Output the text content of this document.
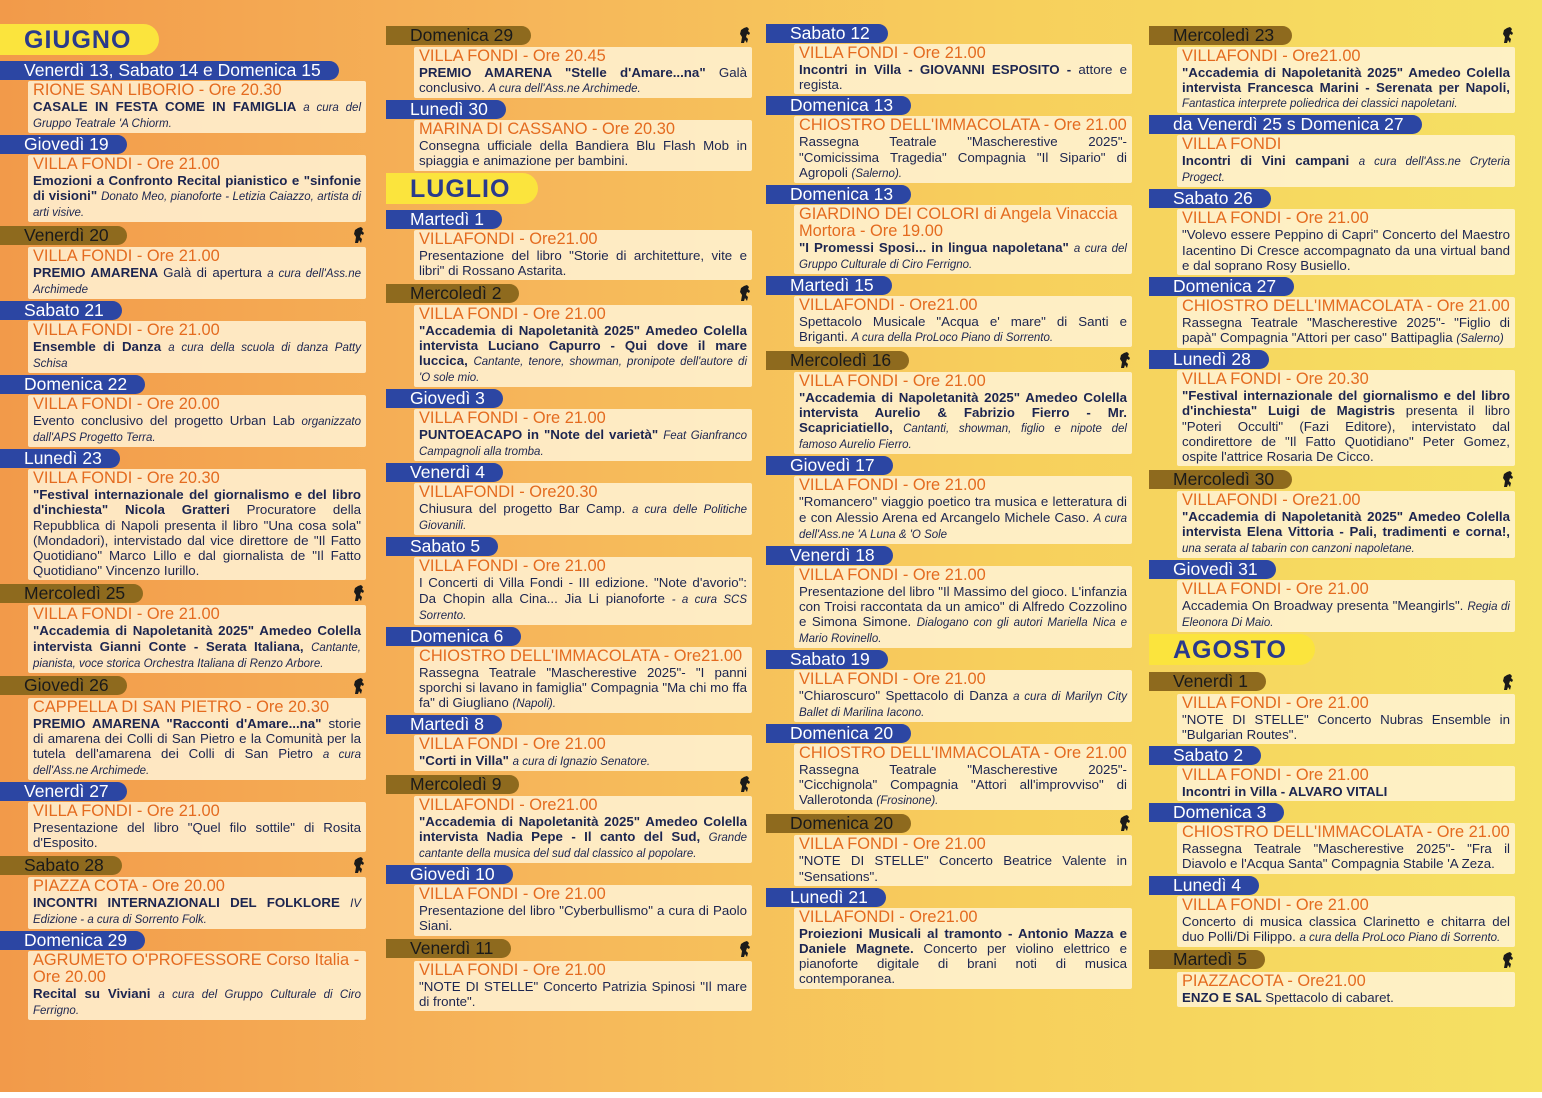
GIUGNO
Venerdì 13, Sabato 14 e Domenica 15
RIONE SAN LIBORIO - Ore 20.30
CASALE IN FESTA COME IN FAMIGLIA a cura del Gruppo Teatrale 'A Chiorm.
Giovedì 19
VILLA FONDI - Ore 21.00
Emozioni a Confronto Recital pianistico e "sinfonie di visioni" Donato Meo, pianoforte - Letizia Caiazzo, artista di arti visive.
Venerdì 20
VILLA FONDI - Ore 21.00
PREMIO AMARENA Galà di apertura a cura dell'Ass.ne Archimede
Sabato 21
VILLA FONDI - Ore 21.00
Ensemble di Danza a cura della scuola di danza Patty Schisa
Domenica 22
VILLA FONDI - Ore 20.00
Evento conclusivo del progetto Urban Lab organizzato dall'APS Progetto Terra.
Lunedì 23
VILLA FONDI - Ore 20.30
"Festival internazionale del giornalismo e del libro d'inchiesta" Nicola Gratteri Procuratore della Repubblica di Napoli presenta il libro "Una cosa sola" (Mondadori), intervistado dal vice direttore de "Il Fatto Quotidiano" Marco Lillo e dal giornalista de "Il Fatto Quotidiano" Vincenzo Iurillo.
Mercoledì 25
VILLA FONDI - Ore 21.00
"Accademia di Napoletanità 2025" Amedeo Colella intervista Gianni Conte - Serata Italiana, Cantante, pianista, voce storica Orchestra Italiana di Renzo Arbore.
Giovedì 26
CAPPELLA DI SAN PIETRO - Ore 20.30
PREMIO AMARENA "Racconti d'Amare...na" storie di amarena dei Colli di San Pietro e la Comunità per la tutela dell'amarena dei Colli di San Pietro a cura dell'Ass.ne Archimede.
Venerdì 27
VILLA FONDI - Ore 21.00
Presentazione del libro "Quel filo sottile" di Rosita d'Esposito.
Sabato 28
PIAZZA COTA - Ore 20.00
INCONTRI INTERNAZIONALI DEL FOLKLORE IV Edizione - a cura di Sorrento Folk.
Domenica 29
AGRUMETO O'PROFESSORE Corso Italia - Ore 20.00
Recital su Viviani a cura del Gruppo Culturale di Ciro Ferrigno.
Domenica 29
VILLA FONDI - Ore 20.45
PREMIO AMARENA "Stelle d'Amare...na" Galà conclusivo. A cura dell'Ass.ne Archimede.
Lunedì 30
MARINA DI CASSANO - Ore 20.30
Consegna ufficiale della Bandiera Blu Flash Mob in spiaggia e animazione per bambini.
LUGLIO
Martedì 1
VILLAFONDI - Ore21.00
Presentazione del libro "Storie di architetture, vite e libri" di Rossano Astarita.
Mercoledì 2
VILLA FONDI - Ore 21.00
"Accademia di Napoletanità 2025" Amedeo Colella intervista Luciano Capurro - Qui dove il mare luccica, Cantante, tenore, showman, pronipote dell'autore di 'O sole mio.
Giovedì 3
VILLA FONDI - Ore 21.00
PUNTOEACAPO in "Note del varietà" Feat Gianfranco Campagnoli alla tromba.
Venerdì 4
VILLAFONDI - Ore20.30
Chiusura del progetto Bar Camp. a cura delle Politiche Giovanili.
Sabato 5
VILLA FONDI - Ore 21.00
I Concerti di Villa Fondi - III edizione. "Note d'avorio": Da Chopin alla Cina... Jia Li pianoforte - a cura SCS Sorrento.
Domenica 6
CHIOSTRO DELL'IMMACOLATA - Ore21.00
Rassegna Teatrale "Mascherestive 2025"- "I panni sporchi si lavano in famiglia" Compagnia "Ma chi mo ffa fa" di Giugliano (Napoli).
Martedì 8
VILLA FONDI - Ore 21.00
"Corti in Villa" a cura di Ignazio Senatore.
Mercoledì 9
VILLAFONDI - Ore21.00
"Accademia di Napoletanità 2025" Amedeo Colella intervista Nadia Pepe - Il canto del Sud, Grande cantante della musica del sud dal classico al popolare.
Giovedì 10
VILLA FONDI - Ore 21.00
Presentazione del libro "Cyberbullismo" a cura di Paolo Siani.
Venerdì 11
VILLA FONDI - Ore 21.00
"NOTE DI STELLE" Concerto Patrizia Spinosi "Il mare di fronte".
Sabato 12
VILLA FONDI - Ore 21.00
Incontri in Villa - GIOVANNI ESPOSITO - attore e regista.
Domenica 13
CHIOSTRO DELL'IMMACOLATA - Ore 21.00
Rassegna Teatrale "Mascherestive 2025"- "Comicissima Tragedia" Compagnia "Il Sipario" di Agropoli (Salerno).
Domenica 13
GIARDINO DEI COLORI di Angela Vinaccia Mortora - Ore 19.00
"I Promessi Sposi... in lingua napoletana" a cura del Gruppo Culturale di Ciro Ferrigno.
Martedì 15
VILLAFONDI - Ore21.00
Spettacolo Musicale "Acqua e' mare" di Santi e Briganti. A cura della ProLoco Piano di Sorrento.
Mercoledì 16
VILLA FONDI - Ore 21.00
"Accademia di Napoletanità 2025" Amedeo Colella intervista Aurelio & Fabrizio Fierro - Mr. Scapriciatiello, Cantanti, showman, figlio e nipote del famoso Aurelio Fierro.
Giovedì 17
VILLA FONDI - Ore 21.00
"Romancero" viaggio poetico tra musica e letteratura di e con Alessio Arena ed Arcangelo Michele Caso. A cura dell'Ass.ne 'A Luna & 'O Sole
Venerdì 18
VILLA FONDI - Ore 21.00
Presentazione del libro "Il Massimo del gioco. L'infanzia con Troisi raccontata da un amico" di Alfredo Cozzolino e Simona Simone. Dialogano con gli autori Mariella Nica e Mario Rovinello.
Sabato 19
VILLA FONDI - Ore 21.00
"Chiaroscuro" Spettacolo di Danza a cura di Marilyn City Ballet di Marilina Iacono.
Domenica 20
CHIOSTRO DELL'IMMACOLATA - Ore 21.00
Rassegna Teatrale "Mascherestive 2025"- "Cicchignola" Compagnia "Attori all'improvviso" di Vallerotonda (Frosinone).
Domenica 20
VILLA FONDI - Ore 21.00
"NOTE DI STELLE" Concerto Beatrice Valente in "Sensations".
Lunedì 21
VILLAFONDI - Ore21.00
Proiezioni Musicali al tramonto - Antonio Mazza e Daniele Magnete. Concerto per violino elettrico e pianoforte digitale di brani noti di musica contemporanea.
Mercoledì 23
VILLAFONDI - Ore21.00
"Accademia di Napoletanità 2025" Amedeo Colella intervista Francesca Marini - Serenata per Napoli, Fantastica interprete poliedrica dei classici napoletani.
da Venerdì 25 s Domenica 27
VILLA FONDI
Incontri di Vini campani a cura dell'Ass.ne Cryteria Progect.
Sabato 26
VILLA FONDI - Ore 21.00
"Volevo essere Peppino di Capri" Concerto del Maestro Iacentino Di Cresce accompagnato da una virtual band e dal soprano Rosy Busiello.
Domenica 27
CHIOSTRO DELL'IMMACOLATA - Ore 21.00
Rassegna Teatrale "Mascherestive 2025"- "Figlio di papà" Compagnia "Attori per caso" Battipaglia (Salerno)
Lunedì 28
VILLA FONDI - Ore 20.30
"Festival internazionale del giornalismo e del libro d'inchiesta" Luigi de Magistris presenta il libro "Poteri Occulti" (Fazi Editore), intervistato dal condirettore de "Il Fatto Quotidiano" Peter Gomez, ospite l'attrice Rosaria De Cicco.
Mercoledì 30
VILLAFONDI - Ore21.00
"Accademia di Napoletanità 2025" Amedeo Colella intervista Elena Vittoria - Pali, tradimenti e corna!, una serata al tabarin con canzoni napoletane.
Giovedì 31
VILLA FONDI - Ore 21.00
Accademia On Broadway presenta "Meangirls". Regia di Eleonora Di Maio.
AGOSTO
Venerdì 1
VILLA FONDI - Ore 21.00
"NOTE DI STELLE" Concerto Nubras Ensemble in "Bulgarian Routes".
Sabato 2
VILLA FONDI - Ore 21.00
Incontri in Villa - ALVARO VITALI
Domenica 3
CHIOSTRO DELL'IMMACOLATA - Ore 21.00
Rassegna Teatrale "Mascherestive 2025"- "Fra il Diavolo e l'Acqua Santa" Compagnia Stabile 'A Zeza.
Lunedì 4
VILLA FONDI - Ore 21.00
Concerto di musica classica Clarinetto e chitarra del duo Polli/Di Filippo. a cura della ProLoco Piano di Sorrento.
Martedì 5
PIAZZACOTA - Ore21.00
ENZO E SAL Spettacolo di cabaret.
